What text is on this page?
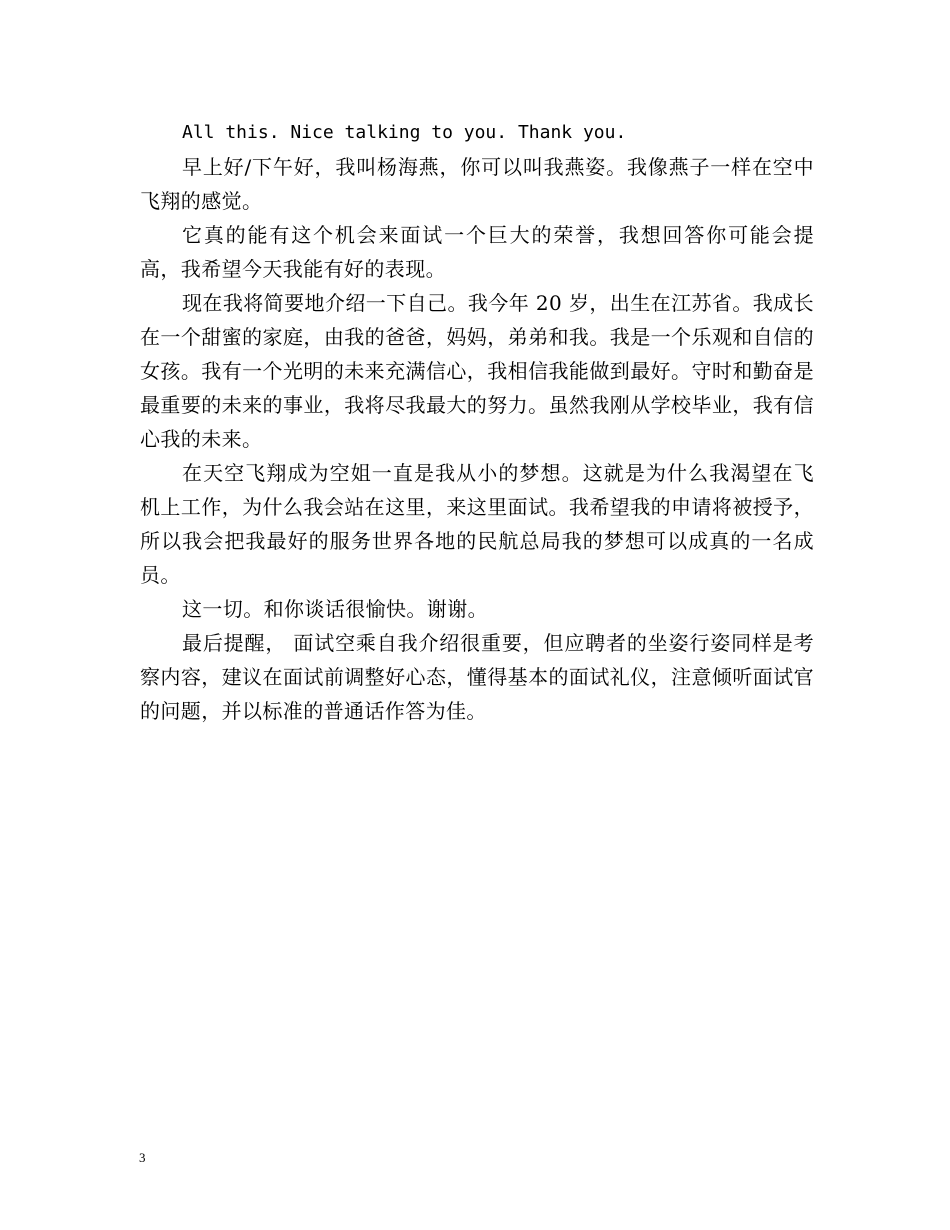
All this. Nice talking to you. Thank you.

早上好/下午好，我叫杨海燕，你可以叫我燕姿。我像燕子一样在空中飞翔的感觉。

它真的能有这个机会来面试一个巨大的荣誉，我想回答你可能会提高，我希望今天我能有好的表现。

现在我将简要地介绍一下自己。我今年 20 岁，出生在江苏省。我成长在一个甜蜜的家庭，由我的爸爸，妈妈，弟弟和我。我是一个乐观和自信的女孩。我有一个光明的未来充满信心，我相信我能做到最好。守时和勤奋是最重要的未来的事业，我将尽我最大的努力。虽然我刚从学校毕业，我有信心我的未来。

在天空飞翔成为空姐一直是我从小的梦想。这就是为什么我渴望在飞机上工作，为什么我会站在这里，来这里面试。我希望我的申请将被授予，所以我会把我最好的服务世界各地的民航总局我的梦想可以成真的一名成员。

这一切。和你谈话很愉快。谢谢。

最后提醒， 面试空乘自我介绍很重要，但应聘者的坐姿行姿同样是考察内容，建议在面试前调整好心态，懂得基本的面试礼仪，注意倾听面试官的问题，并以标准的普通话作答为佳。

3
